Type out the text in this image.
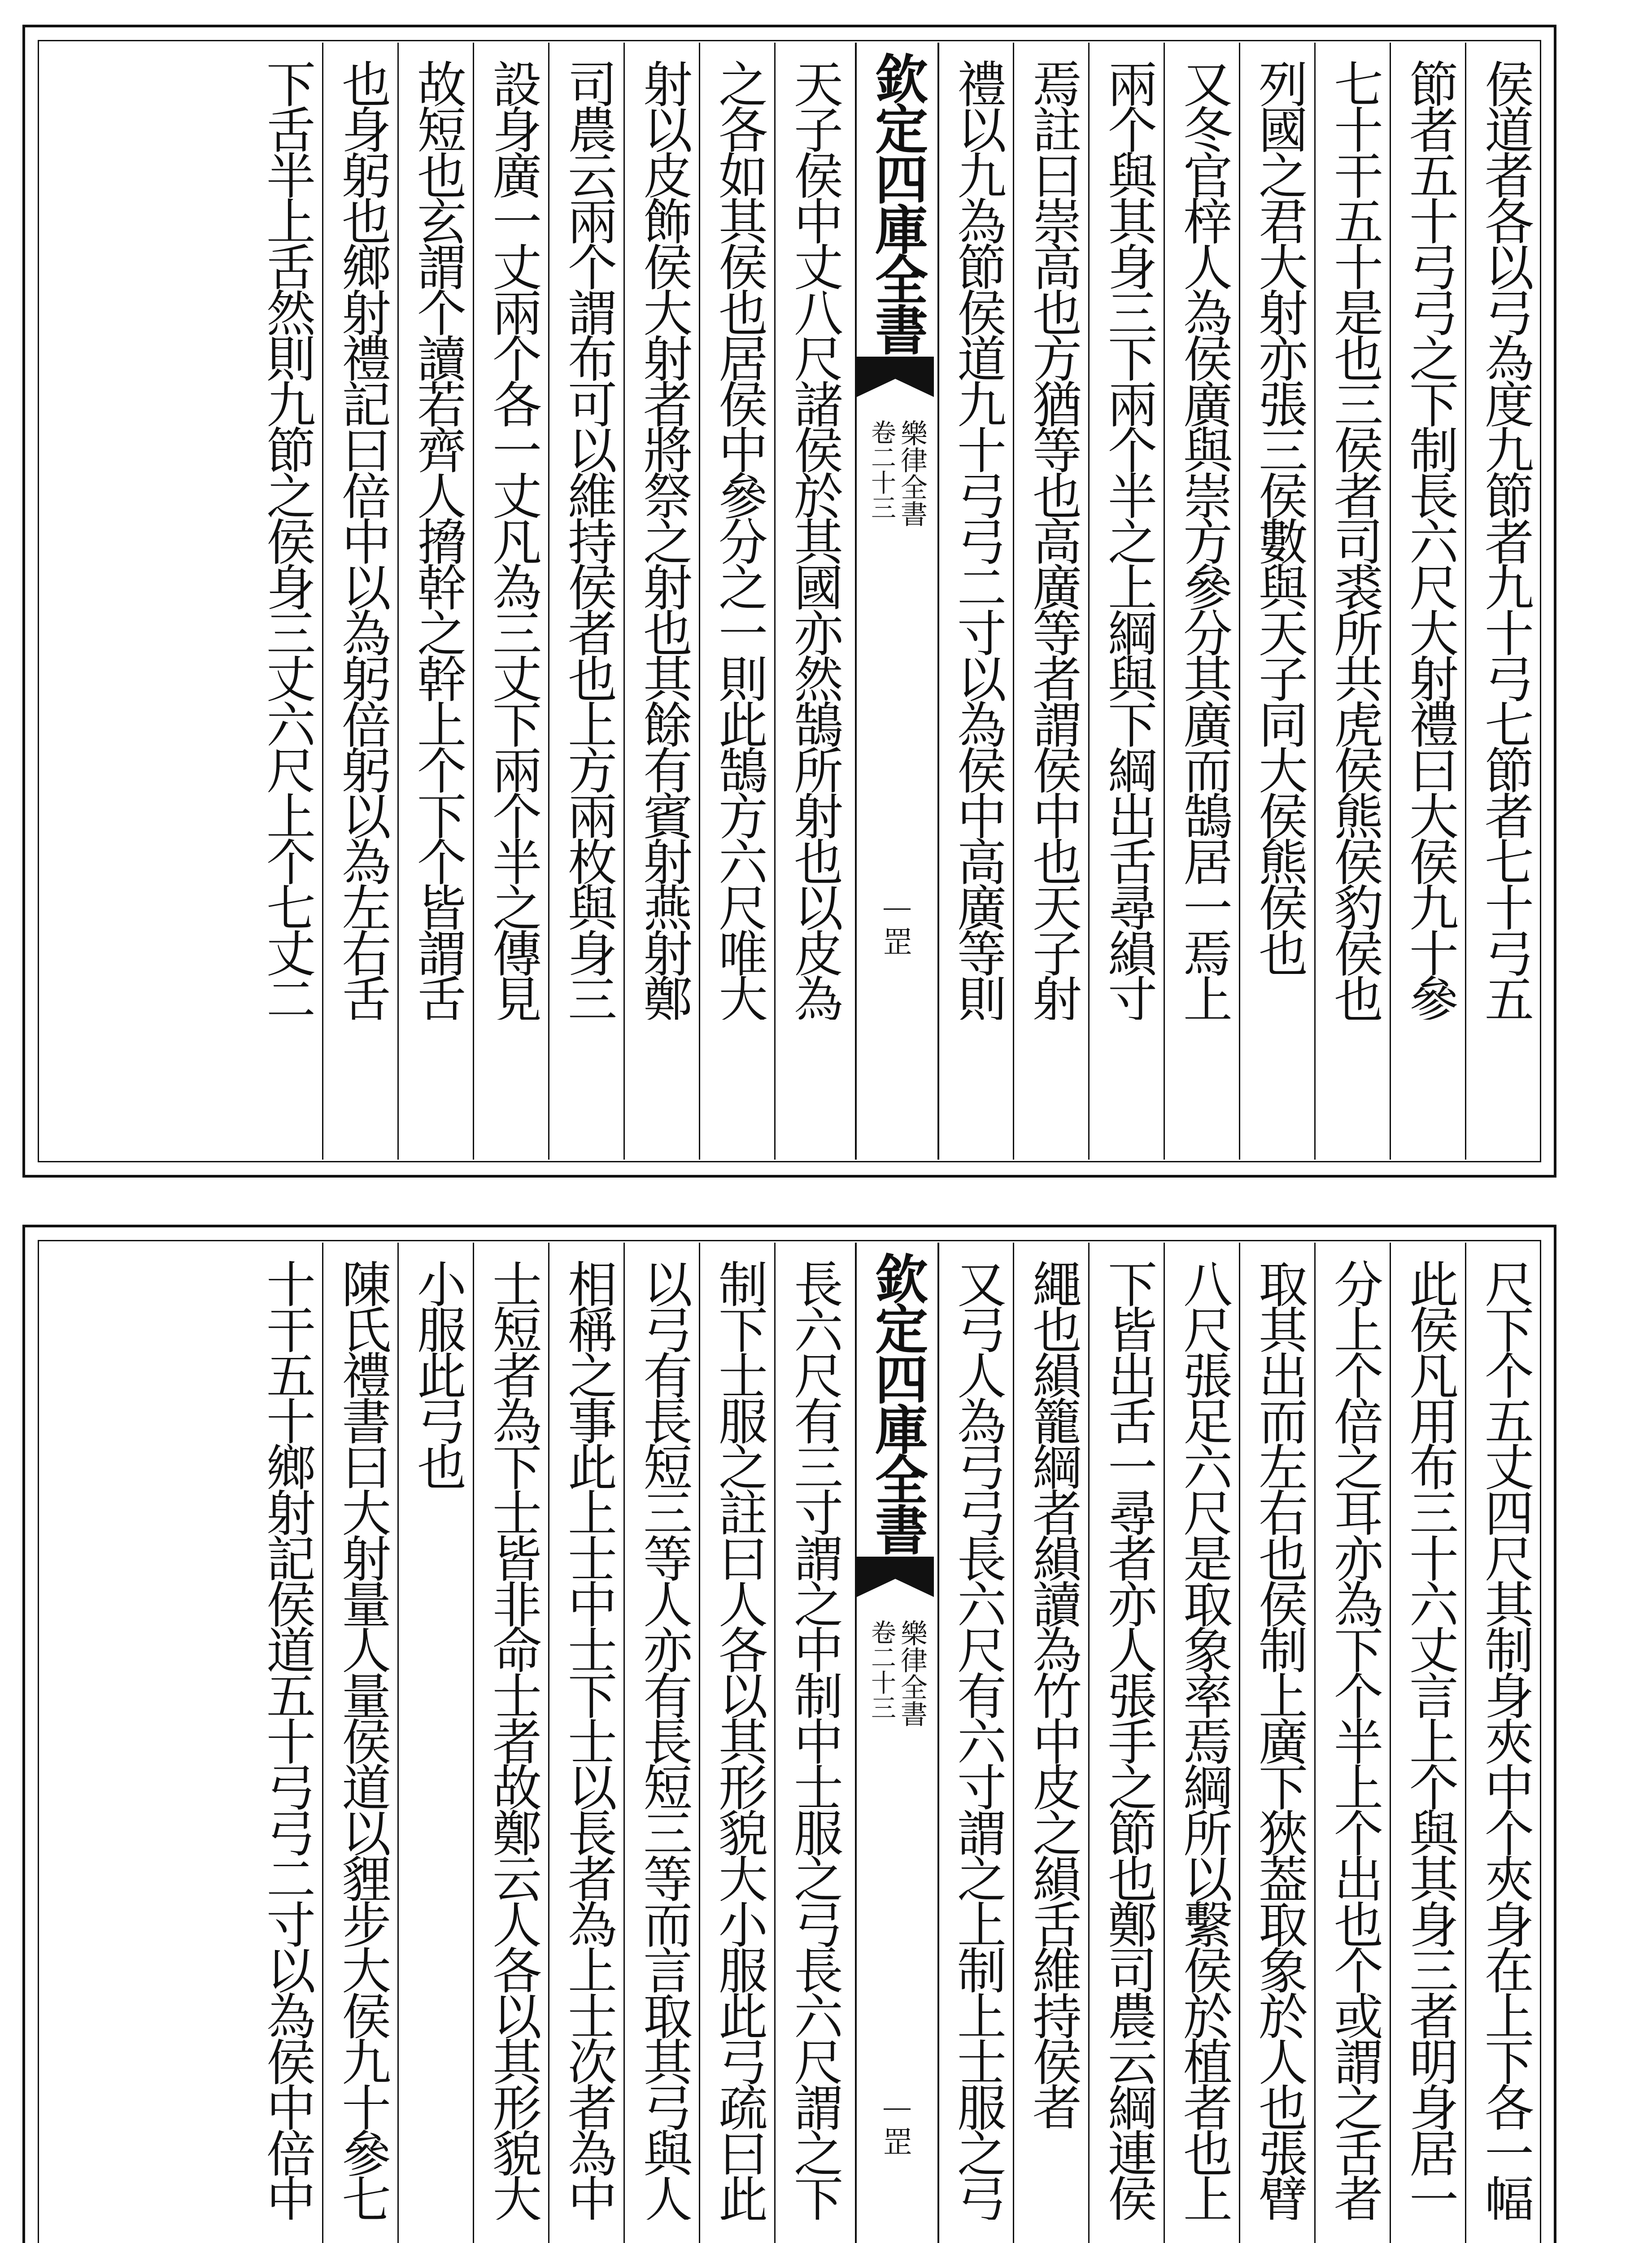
侯道者各以弓為度九節者九十弓七節者七十弓五
節者五十弓弓之下制長六尺大射禮曰大侯九十參
七十干五十是也三侯者司裘所共虎侯熊侯豹侯也
列國之君大射亦張三侯數與天子同大侯熊侯也
又冬官梓人為侯廣與崇方參分其廣而鵠居一焉上
兩个與其身三下兩个半之上綱與下綱出舌尋縜寸
焉註曰崇高也方猶等也高廣等者謂侯中也天子射
禮以九為節侯道九十弓弓二寸以為侯中高廣等則
欽定四庫全書
樂律全書
卷二十三
罡
天子侯中丈八尺諸侯於其國亦然鵠所射也以皮為
之各如其侯也居侯中參分之一則此鵠方六尺唯大
射以皮飾侯大射者將祭之射也其餘有賓射燕射鄭
司農云兩个謂布可以維持侯者也上方兩枚與身三
設身廣一丈兩个各一丈凡為三丈下兩个半之傳見
故短也玄謂个讀若齊人搚幹之幹上个下个皆謂舌
也身躬也鄉射禮記曰倍中以為躬倍躬以為左右舌
下舌半上舌然則九節之侯身三丈六尺上个七丈二
尺下个五丈四尺其制身夾中个夾身在上下各一幅
此侯凡用布三十六丈言上个與其身三者明身居一
分上个倍之耳亦為下个半上个出也个或謂之舌者
取其出而左右也侯制上廣下狹葢取象於人也張臂
八尺張足六尺是取象率焉綱所以繫侯於植者也上
下皆出舌一尋者亦人張手之節也鄭司農云綱連侯
繩也縜籠綱者縜讀為竹中皮之縜舌維持侯者
又弓人為弓弓長六尺有六寸謂之上制上士服之弓
欽定四庫全書
樂律全書
卷二十三
罡
長六尺有三寸謂之中制中士服之弓長六尺謂之下
制下士服之註曰人各以其形貌大小服此弓疏曰此
以弓有長短三等人亦有長短三等而言取其弓與人
相稱之事此上士中士下士以長者為上士次者為中
士短者為下士皆非命士者故鄭云人各以其形貌大
小服此弓也
陳氏禮書曰大射量人量侯道以貍步大侯九十參七
十干五十鄉射記侯道五十弓弓二寸以為侯中倍中
